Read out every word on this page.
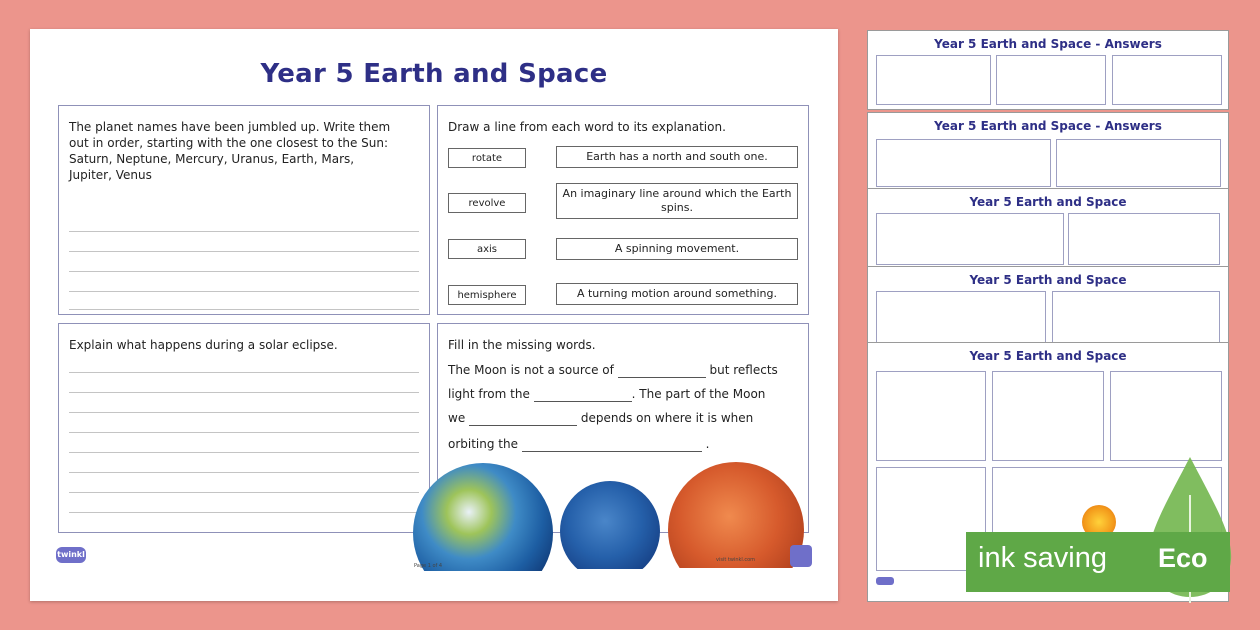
Year 5 Earth and Space
The planet names have been jumbled up. Write them out in order, starting with the one closest to the Sun: Saturn, Neptune, Mercury, Uranus, Earth, Mars, Jupiter, Venus
Draw a line from each word to its explanation.
rotate
revolve
axis
hemisphere
Earth has a north and south one.
An imaginary line around which the Earth spins.
A spinning movement.
A turning motion around something.
Explain what happens during a solar eclipse.	Fill in the missing words.
The Moon is not a source of	but reflects
light from the	. The part of the Moon
we	depends on where it is when
orbiting the	.
twinkl
Page 1 of 4
visit twinkl.com
Year 5 Earth and Space - Answers
Year 5 Earth and Space - Answers
Year 5 Earth and Space
Year 5 Earth and Space
Year 5 Earth and Space
ink saving Eco
